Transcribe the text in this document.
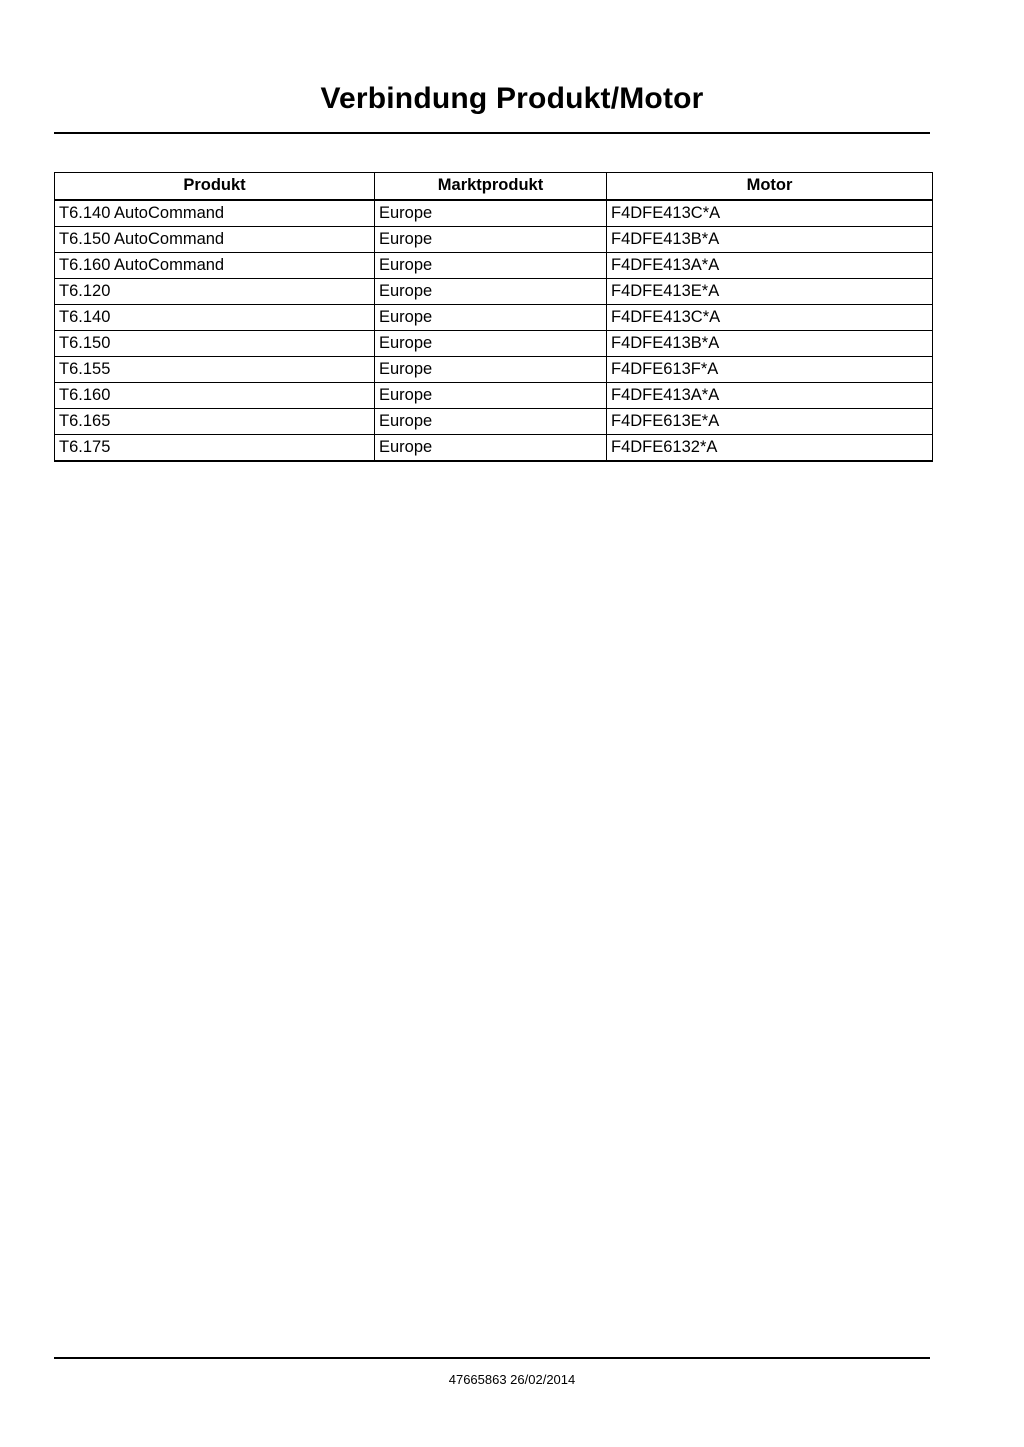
Verbindung Produkt/Motor
Produkt	Marktprodukt	Motor
T6.140 AutoCommand	Europe	F4DFE413C*A
T6.150 AutoCommand	Europe	F4DFE413B*A
T6.160 AutoCommand	Europe	F4DFE413A*A
T6.120	Europe	F4DFE413E*A
T6.140	Europe	F4DFE413C*A
T6.150	Europe	F4DFE413B*A
T6.155	Europe	F4DFE613F*A
T6.160	Europe	F4DFE413A*A
T6.165	Europe	F4DFE613E*A
T6.175	Europe	F4DFE6132*A
47665863 26/02/2014
